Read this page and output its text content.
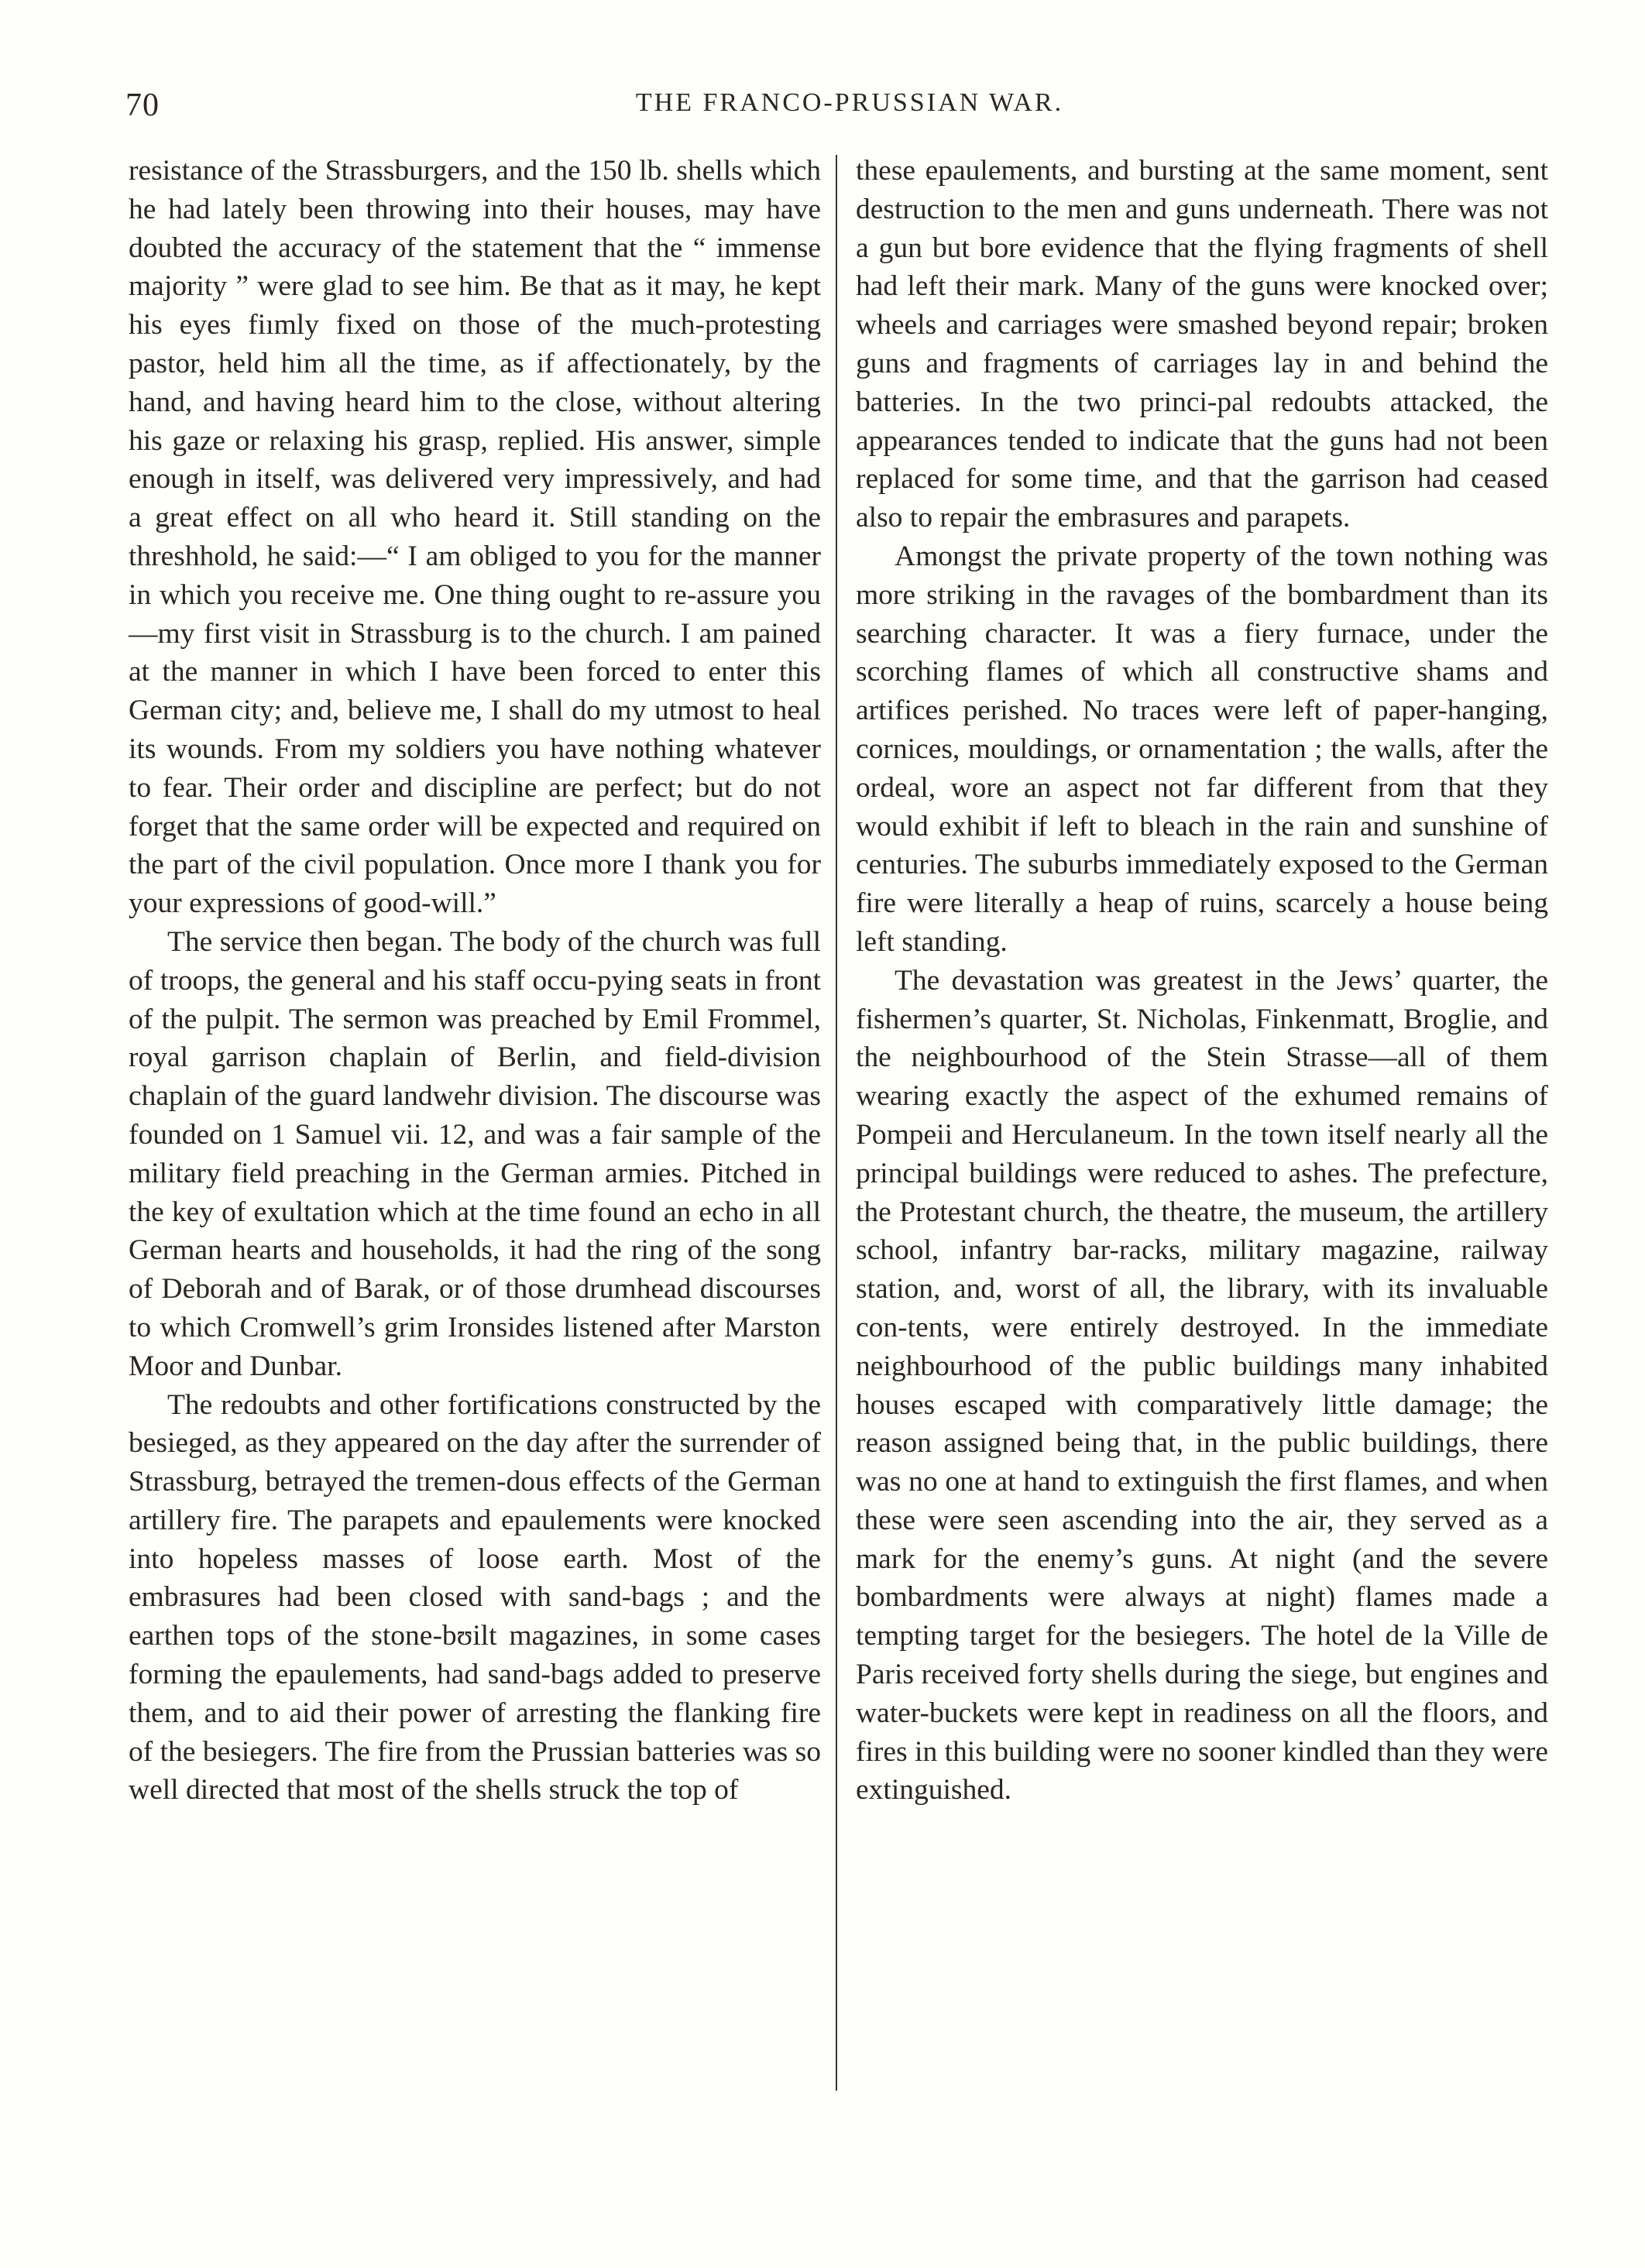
70	THE FRANCO-PRUSSIAN WAR.

resistance of the Strassburgers, and the 150 lb. shells which he had lately been throwing into their houses, may have doubted the accuracy of the statement that the “ immense majority ” were glad to see him. Be that as it may, he kept his eyes fiımly fixed on those of the much-protesting pastor, held him all the time, as if affectionately, by the hand, and having heard him to the close, without altering his gaze or relaxing his grasp, replied. His answer, simple enough in itself, was delivered very impressively, and had a great effect on all who heard it. Still standing on the threshhold, he said:—“ I am obliged to you for the manner in which you receive me. One thing ought to re-assure you—my first visit in Strassburg is to the church. I am pained at the manner in which I have been forced to enter this German city; and, believe me, I shall do my utmost to heal its wounds. From my soldiers you have nothing whatever to fear. Their order and discipline are perfect; but do not forget that the same order will be expected and required on the part of the civil population. Once more I thank you for your expressions of good-will.”

The service then began. The body of the church was full of troops, the general and his staff occu-pying seats in front of the pulpit. The sermon was preached by Emil Frommel, royal garrison chaplain of Berlin, and field-division chaplain of the guard landwehr division. The discourse was founded on 1 Samuel vii. 12, and was a fair sample of the military field preaching in the German armies. Pitched in the key of exultation which at the time found an echo in all German hearts and households, it had the ring of the song of Deborah and of Barak, or of those drumhead discourses to which Cromwell’s grim Ironsides listened after Marston Moor and Dunbar.

The redoubts and other fortifications constructed by the besieged, as they appeared on the day after the surrender of Strassburg, betrayed the tremen-dous effects of the German artillery fire. The parapets and epaulements were knocked into hopeless masses of loose earth. Most of the embrasures had been closed with sand-bags ; and the earthen tops of the stone-bʊilt magazines, in some cases forming the epaulements, had sand-bags added to preserve them, and to aid their power of arresting the flanking fire of the besiegers. The fire from the Prussian batteries was so well directed that most of the shells struck the top of

these epaulements, and bursting at the same moment, sent destruction to the men and guns underneath. There was not a gun but bore evidence that the flying fragments of shell had left their mark. Many of the guns were knocked over; wheels and carriages were smashed beyond repair; broken guns and fragments of carriages lay in and behind the batteries. In the two princi-pal redoubts attacked, the appearances tended to indicate that the guns had not been replaced for some time, and that the garrison had ceased also to repair the embrasures and parapets.

Amongst the private property of the town nothing was more striking in the ravages of the bombardment than its searching character. It was a fiery furnace, under the scorching flames of which all constructive shams and artifices perished. No traces were left of paper-hanging, cornices, mouldings, or ornamentation ; the walls, after the ordeal, wore an aspect not far different from that they would exhibit if left to bleach in the rain and sunshine of centuries. The suburbs immediately exposed to the German fire were literally a heap of ruins, scarcely a house being left standing.

The devastation was greatest in the Jews’ quarter, the fishermen’s quarter, St. Nicholas, Finkenmatt, Broglie, and the neighbourhood of the Stein Strasse—all of them wearing exactly the aspect of the exhumed remains of Pompeii and Herculaneum. In the town itself nearly all the principal buildings were reduced to ashes. The prefecture, the Protestant church, the theatre, the museum, the artillery school, infantry bar-racks, military magazine, railway station, and, worst of all, the library, with its invaluable con-tents, were entirely destroyed. In the immediate neighbourhood of the public buildings many inhabited houses escaped with comparatively little damage; the reason assigned being that, in the public buildings, there was no one at hand to extinguish the first flames, and when these were seen ascending into the air, they served as a mark for the enemy’s guns. At night (and the severe bombardments were always at night) flames made a tempting target for the besiegers. The hotel de la Ville de Paris received forty shells during the siege, but engines and water-buckets were kept in readiness on all the floors, and fires in this building were no sooner kindled than they were extinguished.
